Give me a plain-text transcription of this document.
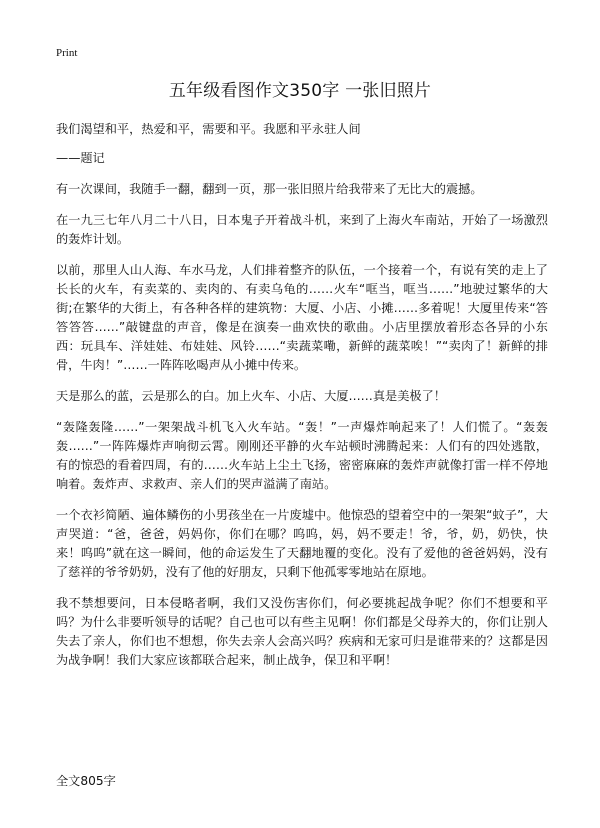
Print
五年级看图作文350字 一张旧照片

我们渴望和平，热爱和平，需要和平。我愿和平永驻人间

——题记

有一次课间，我随手一翻，翻到一页，那一张旧照片给我带来了无比大的震撼。

在一九三七年八月二十八日，日本鬼子开着战斗机，来到了上海火车南站，开始了一场激烈的轰炸计划。

以前，那里人山人海、车水马龙，人们排着整齐的队伍，一个接着一个，有说有笑的走上了长长的火车，有卖菜的、卖肉的、有卖乌龟的……火车“哐当，哐当……”地驶过繁华的大街;在繁华的大街上，有各种各样的建筑物：大厦、小店、小摊……多着呢！大厦里传来“答答答答……”敲键盘的声音，像是在演奏一曲欢快的歌曲。小店里摆放着形态各异的小东西：玩具车、洋娃娃、布娃娃、风铃……“卖蔬菜嘞，新鲜的蔬菜唉！”“卖肉了！新鲜的排骨，牛肉！”……一阵阵吆喝声从小摊中传来。

天是那么的蓝，云是那么的白。加上火车、小店、大厦……真是美极了！

“轰隆轰隆……”一架架战斗机飞入火车站。“轰！”一声爆炸响起来了！人们慌了。“轰轰轰……”一阵阵爆炸声响彻云霄。刚刚还平静的火车站顿时沸腾起来：人们有的四处逃散，有的惊恐的看着四周，有的……火车站上尘土飞扬，密密麻麻的轰炸声就像打雷一样不停地响着。轰炸声、求救声、亲人们的哭声溢满了南站。

一个衣衫简陋、遍体鳞伤的小男孩坐在一片废墟中。他惊恐的望着空中的一架架“蚊子”，大声哭道：“爸，爸爸，妈妈你，你们在哪？呜呜，妈，妈不要走！爷，爷，奶，奶快，快来！呜呜”就在这一瞬间，他的命运发生了天翻地覆的变化。没有了爱他的爸爸妈妈，没有了慈祥的爷爷奶奶，没有了他的好朋友，只剩下他孤零零地站在原地。

我不禁想要问，日本侵略者啊，我们又没伤害你们，何必要挑起战争呢？你们不想要和平吗？为什么非要听领导的话呢？自己也可以有些主见啊！你们都是父母养大的，你们让别人失去了亲人，你们也不想想，你失去亲人会高兴吗？疾病和无家可归是谁带来的？这都是因为战争啊！我们大家应该都联合起来，制止战争，保卫和平啊！

全文805字
